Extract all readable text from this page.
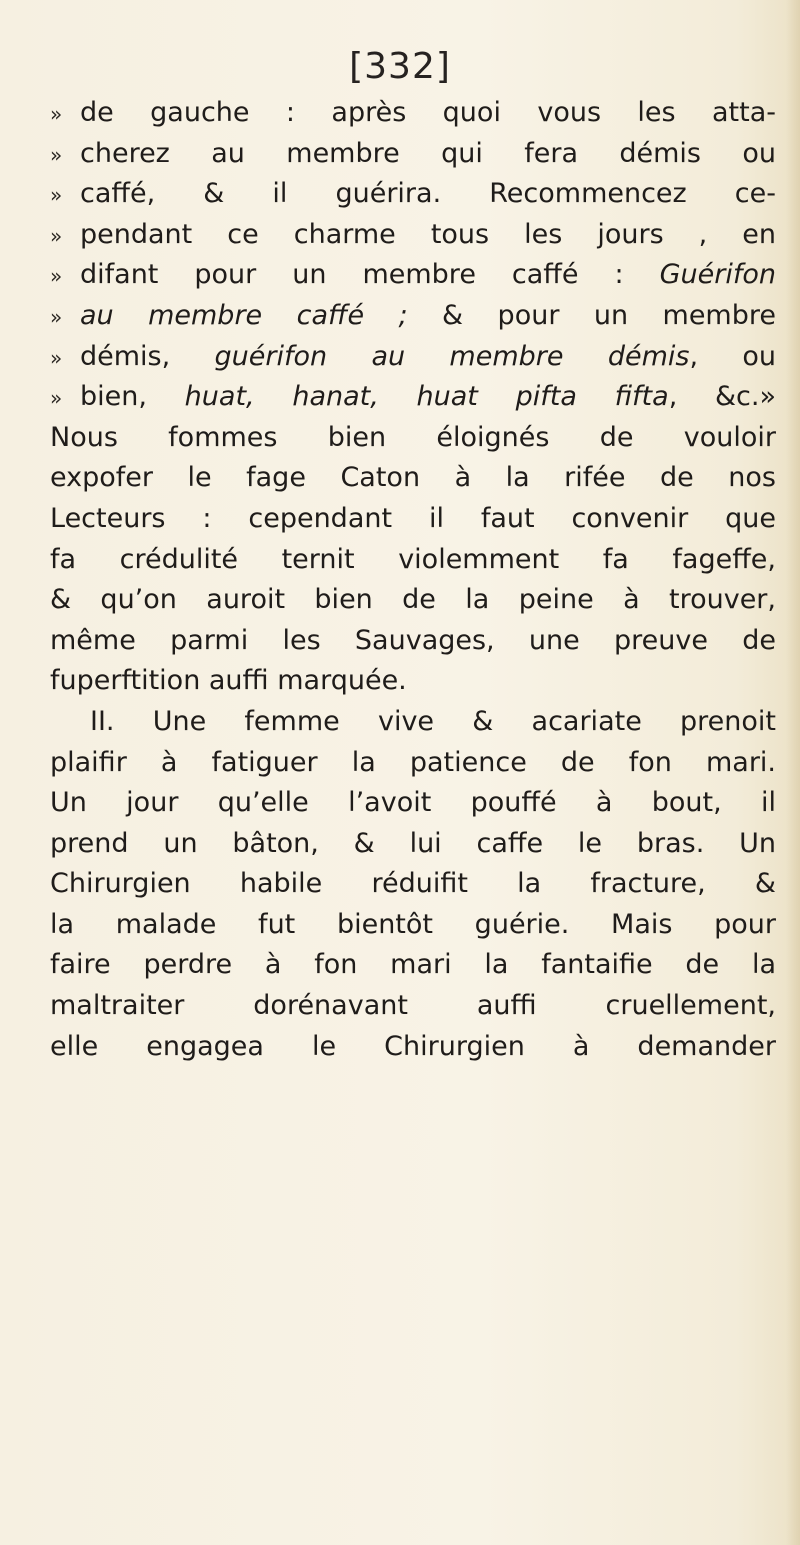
[332]
» de gauche : après quoi vous les atta-
» cherez au membre qui fera démis ou
» caffé, & il guérira. Recommencez ce-
» pendant ce charme tous les jours , en
» difant pour un membre caffé : Guérifon
» au membre caffé ; & pour un membre
» démis, guérifon au membre démis, ou
» bien, huat, hanat, huat pifta fifta, &c.»
Nous fommes bien éloignés de vouloir
expofer le fage Caton à la rifée de nos
Lecteurs : cependant il faut convenir que
fa crédulité ternit violemment fa fageffe,
& qu’on auroit bien de la peine à trouver,
même parmi les Sauvages, une preuve de
fuperftition auffi marquée.
II. Une femme vive & acariate prenoit
plaifir à fatiguer la patience de fon mari.
Un jour qu’elle l’avoit pouffé à bout, il
prend un bâton, & lui caffe le bras. Un
Chirurgien habile réduifit la fracture, &
la malade fut bientôt guérie. Mais pour
faire perdre à fon mari la fantaifie de la
maltraiter dorénavant auffi cruellement,
elle engagea le Chirurgien à demander
